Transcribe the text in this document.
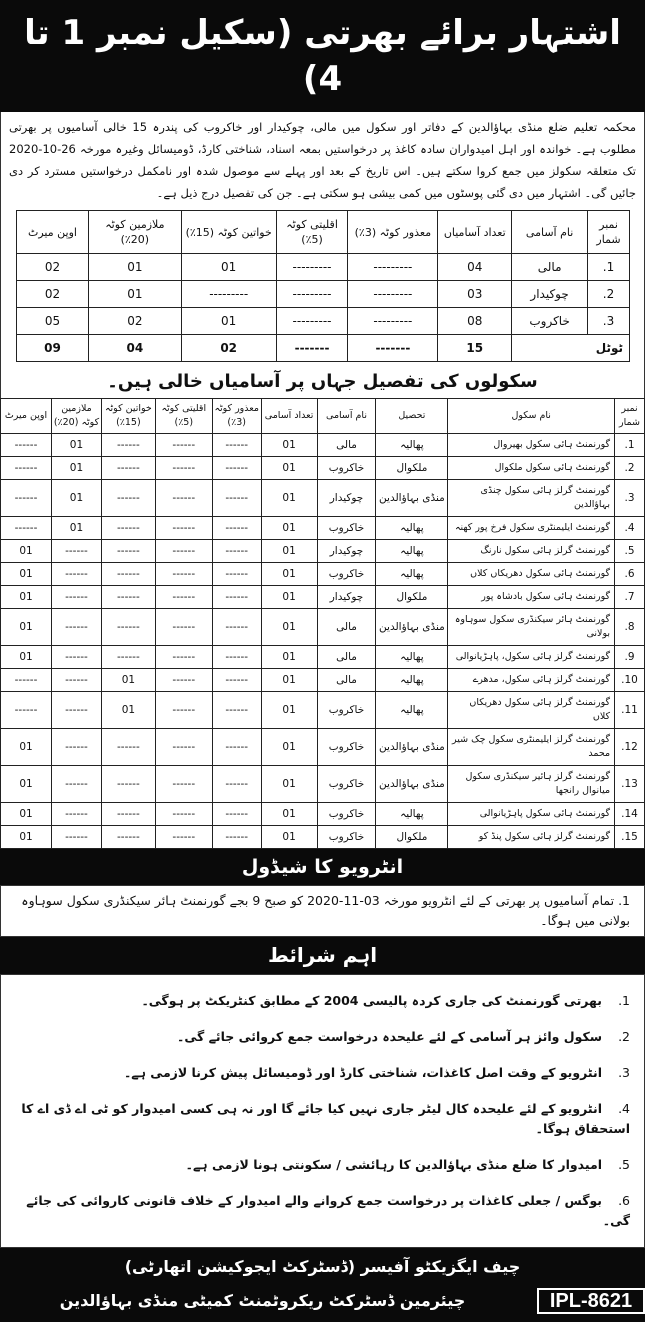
اشتہار برائے بھرتی (سکیل نمبر 1 تا 4)
محکمہ تعلیم ضلع منڈی بہاؤالدین کے دفاتر اور سکول میں مالی، چوکیدار اور خاکروب کی پندرہ 15 خالی آسامیوں پر بھرتی مطلوب ہے۔ خواندہ اور اہل امیدواران سادہ کاغذ پر درخواستیں بمعہ اسناد، شناختی کارڈ، ڈومیسائل وغیرہ مورخہ 26-10-2020 تک متعلقہ سکولز میں جمع کروا سکتے ہیں۔ اس تاریخ کے بعد اور پہلے سے موصول شدہ اور نامکمل درخواستیں مسترد کر دی جائیں گی۔ اشتہار میں دی گئی پوسٹوں میں کمی بیشی ہو سکتی ہے۔ جن کی تفصیل درج ذیل ہے۔
نمبر شمار	نام آسامی	تعداد آسامیاں	معذور کوٹہ (3٪)	اقلیتی کوٹہ (5٪)	خواتین کوٹہ (15٪)	ملازمین کوٹہ (20٪)	اوپن میرٹ
1.	مالی	04	---------	---------	01	01	02
2.	چوکیدار	03	---------	---------	---------	01	02
3.	خاکروب	08	---------	---------	01	02	05
ٹوٹل		15	-------	-------	02	04	09
سکولوں کی تفصیل جہاں پر آسامیاں خالی ہیں۔
نمبر شمار	نام سکول	تحصیل	نام آسامی	تعداد آسامی	معذور کوٹہ (3٪)	اقلیتی کوٹہ (5٪)	خواتین کوٹہ (15٪)	ملازمین کوٹہ (20٪)	اوپن میرٹ
1.	گورنمنٹ ہائی سکول بھیروال	پھالیہ	مالی	01	------	------	------	01	------
2.	گورنمنٹ ہائی سکول ملکوال	ملکوال	خاکروب	01	------	------	------	01	------
3.	گورنمنٹ گرلز ہائی سکول چنڈی بہاؤالدین	منڈی بہاؤالدین	چوکیدار	01	------	------	------	01	------
4.	گورنمنٹ ایلیمنٹری سکول فرخ پور کھنہ	پھالیہ	خاکروب	01	------	------	------	01	------
5.	گورنمنٹ گرلز ہائی سکول نارنگ	پھالیہ	چوکیدار	01	------	------	------	------	01
6.	گورنمنٹ ہائی سکول دھریکاں کلاں	پھالیہ	خاکروب	01	------	------	------	------	01
7.	گورنمنٹ ہائی سکول بادشاہ پور	ملکوال	چوکیدار	01	------	------	------	------	01
8.	گورنمنٹ ہائر سیکنڈری سکول سوہاوہ بولانی	منڈی بہاؤالدین	مالی	01	------	------	------	------	01
9.	گورنمنٹ گرلز ہائی سکول، پاہڑیانوالی	پھالیہ	مالی	01	------	------	------	------	01
10.	گورنمنٹ گرلز ہائی سکول، مدھرے	پھالیہ	مالی	01	------	------	01	------	------
11.	گورنمنٹ گرلز ہائی سکول دھریکاں کلاں	پھالیہ	خاکروب	01	------	------	01	------	------
12.	گورنمنٹ گرلز ایلیمنٹری سکول چک شیر محمد	منڈی بہاؤالدین	خاکروب	01	------	------	------	------	01
13.	گورنمنٹ گرلز ہائیر سیکنڈری سکول میانوال رانجھا	منڈی بہاؤالدین	خاکروب	01	------	------	------	------	01
14.	گورنمنٹ ہائی سکول پاہڑیانوالی	پھالیہ	خاکروب	01	------	------	------	------	01
15.	گورنمنٹ گرلز ہائی سکول پنڈ کو	ملکوال	خاکروب	01	------	------	------	------	01
انٹرویو کا شیڈول
1. تمام آسامیوں پر بھرتی کے لئے انٹرویو مورخہ 03-11-2020 کو صبح 9 بجے گورنمنٹ ہائر سیکنڈری سکول سوہاوہ بولانی میں ہوگا۔
اہم شرائط
1.بھرتی گورنمنٹ کی جاری کردہ پالیسی 2004 کے مطابق کنٹریکٹ پر ہوگی۔
2.سکول وائز ہر آسامی کے لئے علیحدہ درخواست جمع کروائی جائے گی۔
3.انٹرویو کے وقت اصل کاغذات، شناختی کارڈ اور ڈومیسائل پیش کرنا لازمی ہے۔
4.انٹرویو کے لئے علیحدہ کال لیٹر جاری نہیں کیا جائے گا اور نہ ہی کسی امیدوار کو ٹی اے ڈی اے کا استحقاق ہوگا۔
5.امیدوار کا ضلع منڈی بہاؤالدین کا رہائشی / سکونتی ہونا لازمی ہے۔
6.بوگس / جعلی کاغذات پر درخواست جمع کروانے والے امیدوار کے خلاف قانونی کاروائی کی جائے گی۔
چیف ایگزیکٹو آفیسر (ڈسٹرکٹ ایجوکیشن اتھارٹی)
IPL-8621
چیئرمین ڈسٹرکٹ ریکروٹمنٹ کمیٹی منڈی بہاؤالدین
